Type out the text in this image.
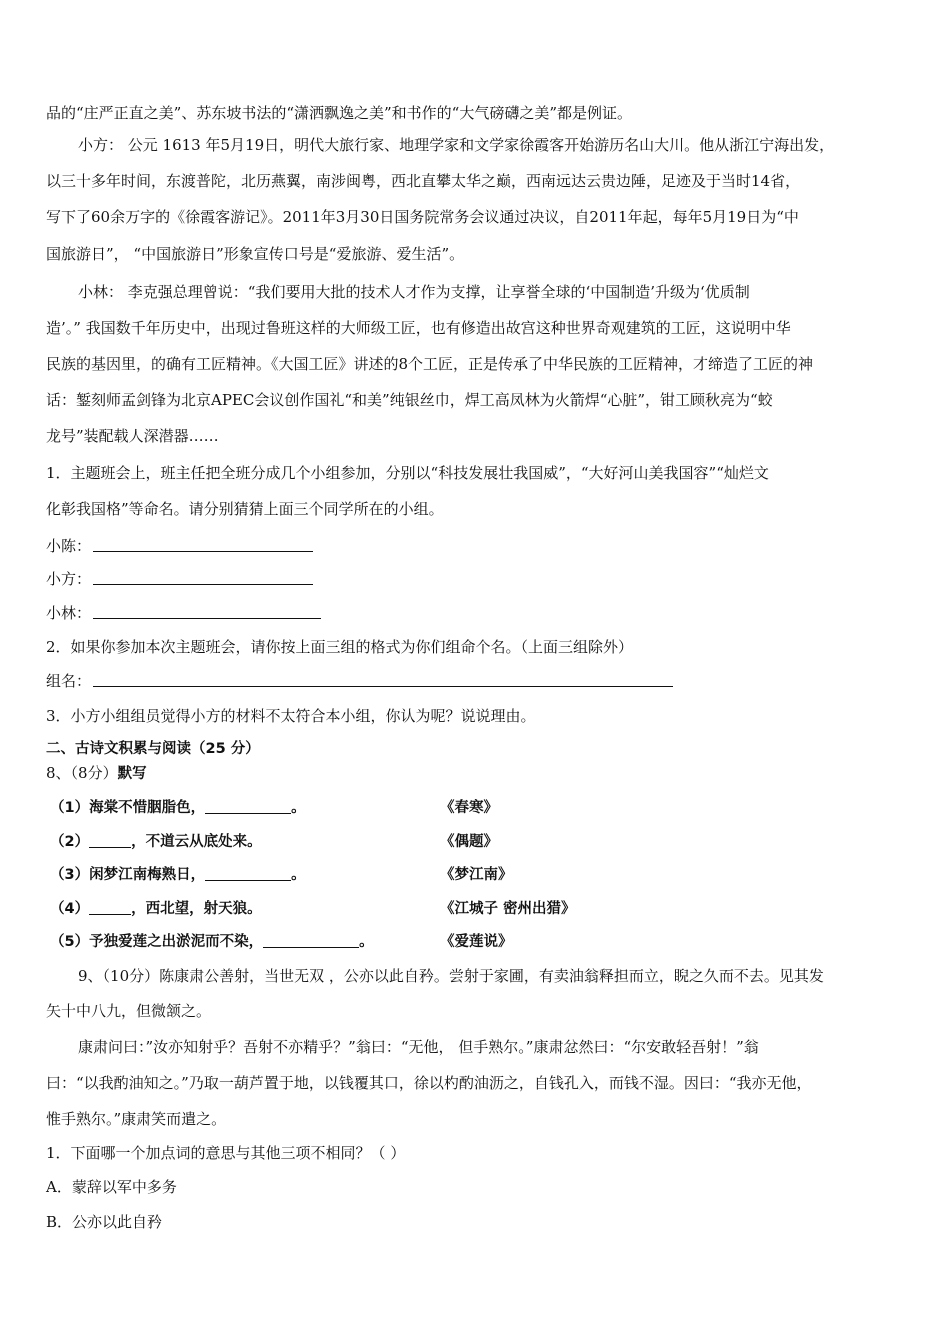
品的“庄严正直之美”、苏东坡书法的“潇洒飘逸之美”和书作的“大气磅礴之美”都是例证。
小方： 公元 1613 年5月19日，明代大旅行家、地理学家和文学家徐霞客开始游历名山大川。他从浙江宁海出发，
以三十多年时间，东渡普陀，北历燕翼，南涉闽粤，西北直攀太华之巅，西南远达云贵边陲，足迹及于当时14省，
写下了60余万字的《徐霞客游记》。2011年3月30日国务院常务会议通过决议，自2011年起，每年5月19日为“中
国旅游日”， “中国旅游日”形象宣传口号是“爱旅游、爱生活”。
小林： 李克强总理曾说：“我们要用大批的技术人才作为支撑，让享誉全球的‘中国制造’升级为‘优质制
造’。” 我国数千年历史中，出现过鲁班这样的大师级工匠，也有修造出故宫这种世界奇观建筑的工匠，这说明中华
民族的基因里，的确有工匠精神。《大国工匠》讲述的8个工匠，正是传承了中华民族的工匠精神，才缔造了工匠的神
话：錾刻师孟剑锋为北京APEC会议创作国礼“和美”纯银丝巾，焊工高凤林为火箭焊“心脏”，钳工顾秋亮为“蛟
龙号”装配载人深潜器……
1．主题班会上，班主任把全班分成几个小组参加，分别以“科技发展壮我国威”，“大好河山美我国容”“灿烂文
化彰我国格”等命名。请分别猜猜上面三个同学所在的小组。
小陈：
小方：
小林：
2．如果你参加本次主题班会，请你按上面三组的格式为你们组命个名。（上面三组除外）
组名：
3．小方小组组员觉得小方的材料不太符合本小组，你认为呢？说说理由。
二、古诗文积累与阅读（25 分）
8、（8分）默写
（1）海棠不惜胭脂色，	。	《春寒》
（2）	，不道云从底处来。	《偶题》
（3）闲梦江南梅熟日，	。	《梦江南》
（4）	，西北望，射天狼。	《江城子 密州出猎》
（5）予独爱莲之出淤泥而不染，	。	《爱莲说》
9、（10分）陈康肃公善射，当世无双 ，公亦以此自矜。尝射于家圃，有卖油翁释担而立，睨之久而不去。见其发
矢十中八九，但微颔之。
康肃问曰：”汝亦知射乎？吾射不亦精乎？”翁曰：“无他， 但手熟尔。”康肃忿然曰：“尔安敢轻吾射！”翁
曰：“以我酌油知之。”乃取一葫芦置于地，以钱覆其口，徐以杓酌油沥之，自钱孔入，而钱不湿。因曰：“我亦无他，
惟手熟尔。”康肃笑而遣之。
1．下面哪一个加点词的意思与其他三项不相同？（ ）
A．蒙辞以军中多务
B．公亦以此自矜
